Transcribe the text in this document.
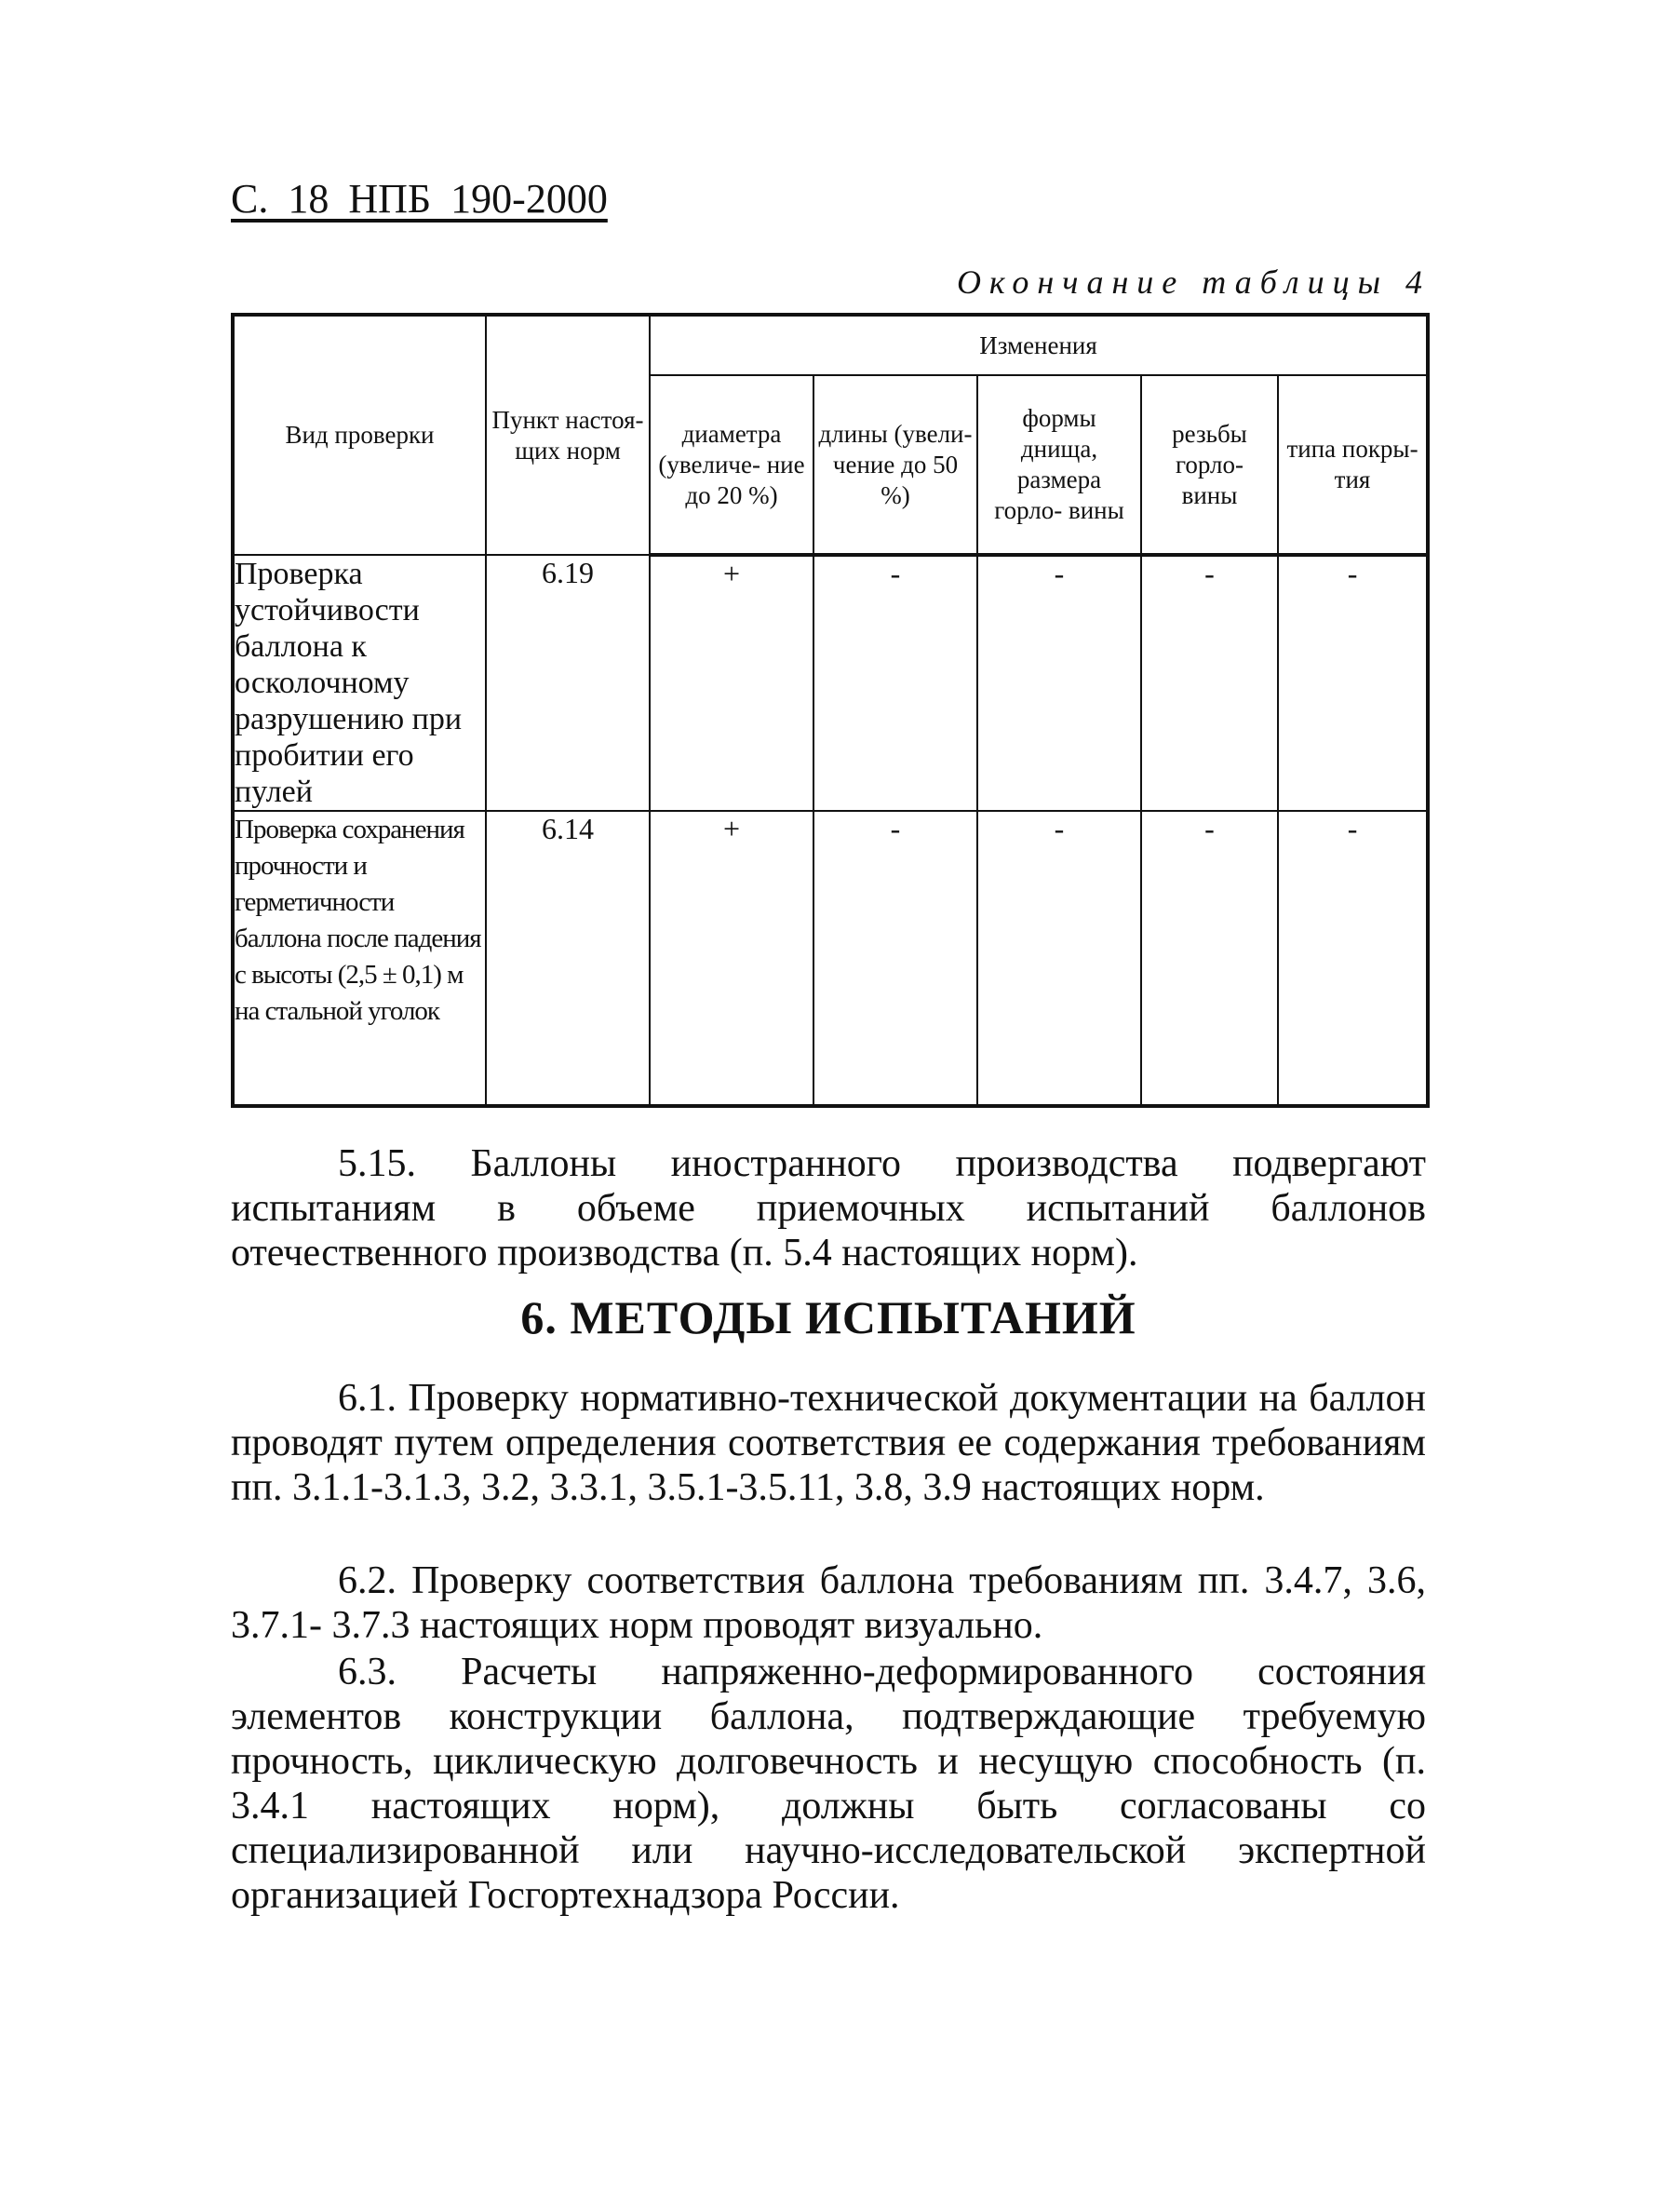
С. 18 НПБ 190-2000
Окончание таблицы 4
Вид проверки	Пункт настоя- щих норм	Изменения				
		диаметра (увеличе- ние до 20 %)	длины (увели- чение до 50 %)	формы днища, размера горло- вины	резьбы горло- вины	типа покры- тия
Проверка устойчивости баллона к осколочному разрушению при пробитии его пулей	6.19	+	-	-	-	-
Проверка сохранения прочности и герметичности баллона после падения с высоты (2,5 ± 0,1) м на стальной уголок	6.14	+	-	-	-	-

5.15. Баллоны иностранного производства подвергают испытаниям в объеме приемочных испытаний баллонов отечественного производства (п. 5.4 настоящих норм).

6. МЕТОДЫ ИСПЫТАНИЙ

6.1. Проверку нормативно-технической документации на баллон проводят путем определения соответствия ее содержания требованиям пп. 3.1.1-3.1.3, 3.2, 3.3.1, 3.5.1-3.5.11, 3.8, 3.9 настоящих норм.

6.2. Проверку соответствия баллона требованиям пп. 3.4.7, 3.6, 3.7.1- 3.7.3 настоящих норм проводят визуально.

6.3. Расчеты напряженно-деформированного состояния элементов конструкции баллона, подтверждающие требуемую прочность, циклическую долговечность и несущую способность (п. 3.4.1 настоящих норм), должны быть согласованы со специализированной или научно-исследовательской экспертной организацией Госгортехнадзора России.
